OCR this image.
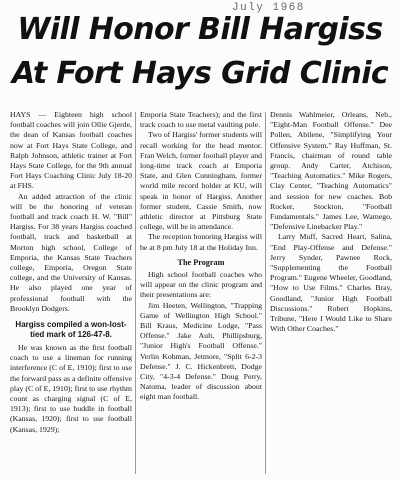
July 1968
Will Honor Bill Hargiss
At Fort Hays Grid Clinic

HAYS — Eighteen high school football coaches will join Ollie Gjerde, the dean of Kansas football coaches now at Fort Hays State College, and Ralph Johnson, athletic trainer at Fort Hays State College, for the 9th annual Fort Hays Coaching Clinic July 18-20 at FHS.

An added attraction of the clinic will be the honoring of veteran football and track coach H. W. "Bill" Hargiss. For 38 years Hargiss coached football, track and basketball at Morton high school, College of Emporia, the Kansas State Teachers college, Emporia, Oregon State college, and the University of Kansas. He also played one year of professional football with the Brooklyn Dodgers.

Hargiss compiled a won-lost-tied mark of 126-47-8.

He was known as the first football coach to use a lineman for running interference (C of E, 1910); first to use the forward pass as a definite offensive play (C of E, 1910); first to use rhythm count as charging signal (C of E, 1913); first to use huddle in football (Kansas, 1920); first to use football (Kansas, 1929);

Emporia State Teachers); and the first track coach to use metal vaulting pole.

Two of Hargiss' former students will recall working for the head mentor. Fran Welch, former football player and long-time track coach at Emporia State, and Glen Cunningham, former world mile record holder at KU, will speak in honor of Hargiss. Another former student, Cassie Smith, now athletic director at Pittsburg State college, will be in attendance.

The reception honoring Hargiss will be at 8 pm July 18 at the Holiday Inn.

The Program

High school football coaches who will appear on the clinic program and their presentations are:

Jim Heeten, Wellington, "Trapping Game of Wellington High School." Bill Kraus, Medicine Lodge, "Pass Offense." Jake Ault, Phillipsburg, "Junior High's Football Offense." Verlin Kohman, Jetmore, "Split 6-2-3 Defense." J. C. Hickenbrett, Dodge City, "4-3-4 Defense." Doug Perry, Natoma, leader of discussion about eight man football.

Dennis Wahlmeier, Orleans, Neb., "Eight-Man Football Offense." Dee Pollen, Abilene, "Simplifying Your Offensive System." Ray Huffman, St. Francis, chairman of round table group. Andy Carter, Atchison, "Teaching Automatics." Mike Rogers, Clay Center, "Teaching Automatics" and session for new coaches. Bob Rocker, Stockton, "Football Fundamentals." James Lee, Wamego, "Defensive Linebacker Play."

Larry Muff, Sacred Heart, Salina, "End Play-Offense and Defense." Jerry Synder, Pawnee Rock, "Supplementing the Football Program." Eugene Wheeler, Goodland, "How to Use Films." Charles Bray, Goodland, "Junior High Football Discussions." Robert Hopkins, Tribune, "Here I Would Like to Share With Other Coaches."
